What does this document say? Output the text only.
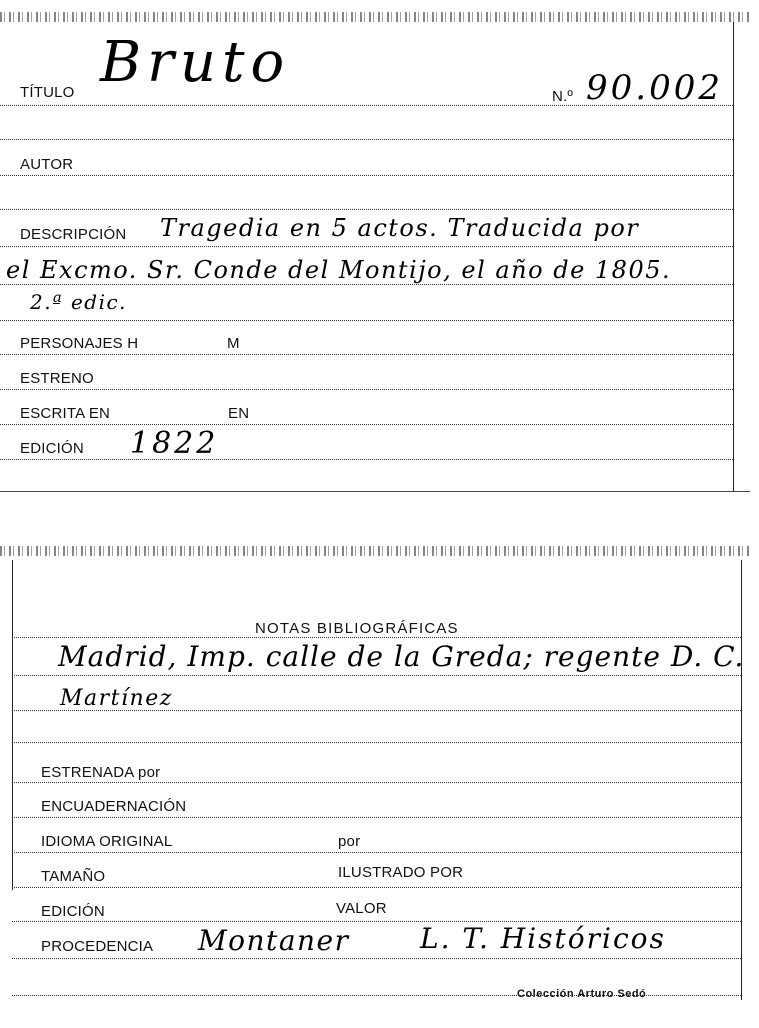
TÍTULO Bruto
N.º 90.002
AUTOR
DESCRIPCIÓN Tragedia en 5 actos. Traducida por
el Excmo. Sr. Conde del Montijo, el año de 1805.
2.ª edic.
PERSONAJES H	M
ESTRENO
ESCRITA EN	EN
EDICIÓN 1822
NOTAS BIBLIOGRÁFICAS
Madrid, Imp. calle de la Greda; regente D. C.
Martínez
ESTRENADA por
ENCUADERNACIÓN
IDIOMA ORIGINAL	por
TAMAÑO	ILUSTRADO POR
EDICIÓN	VALOR
PROCEDENCIA Montaner	L. T. Históricos
Colección Arturo Sedó
